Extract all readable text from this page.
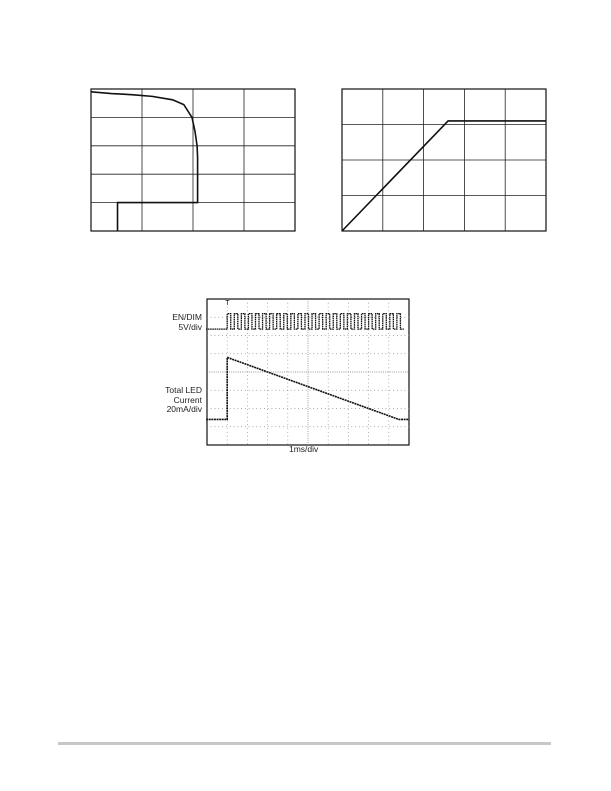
T
EN/DIM
5V/div
Total LED
Current
20mA/div
1ms/div
